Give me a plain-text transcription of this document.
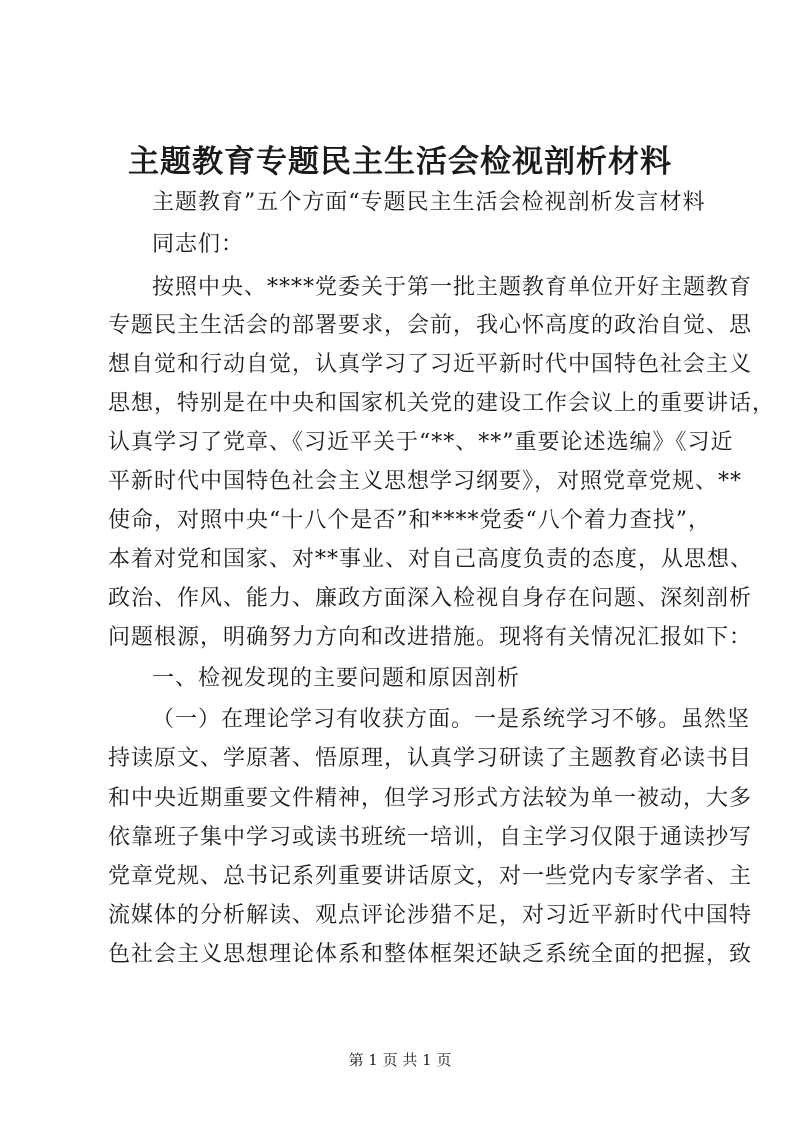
主题教育专题民主生活会检视剖析材料
主题教育”五个方面“专题民主生活会检视剖析发言材料
同志们：
按照中央、****党委关于第一批主题教育单位开好主题教育
专题民主生活会的部署要求，会前，我心怀高度的政治自觉、思
想自觉和行动自觉，认真学习了习近平新时代中国特色社会主义
思想，特别是在中央和国家机关党的建设工作会议上的重要讲话，
认真学习了党章、《习近平关于“**、**”重要论述选编》《习近
平新时代中国特色社会主义思想学习纲要》，对照党章党规、**
使命，对照中央“十八个是否”和****党委“八个着力查找”，
本着对党和国家、对**事业、对自己高度负责的态度，从思想、
政治、作风、能力、廉政方面深入检视自身存在问题、深刻剖析
问题根源，明确努力方向和改进措施。现将有关情况汇报如下：
一、检视发现的主要问题和原因剖析
（一）在理论学习有收获方面。一是系统学习不够。虽然坚
持读原文、学原著、悟原理，认真学习研读了主题教育必读书目
和中央近期重要文件精神，但学习形式方法较为单一被动，大多
依靠班子集中学习或读书班统一培训，自主学习仅限于通读抄写
党章党规、总书记系列重要讲话原文，对一些党内专家学者、主
流媒体的分析解读、观点评论涉猎不足，对习近平新时代中国特
色社会主义思想理论体系和整体框架还缺乏系统全面的把握，致
第 1 页 共 1 页
